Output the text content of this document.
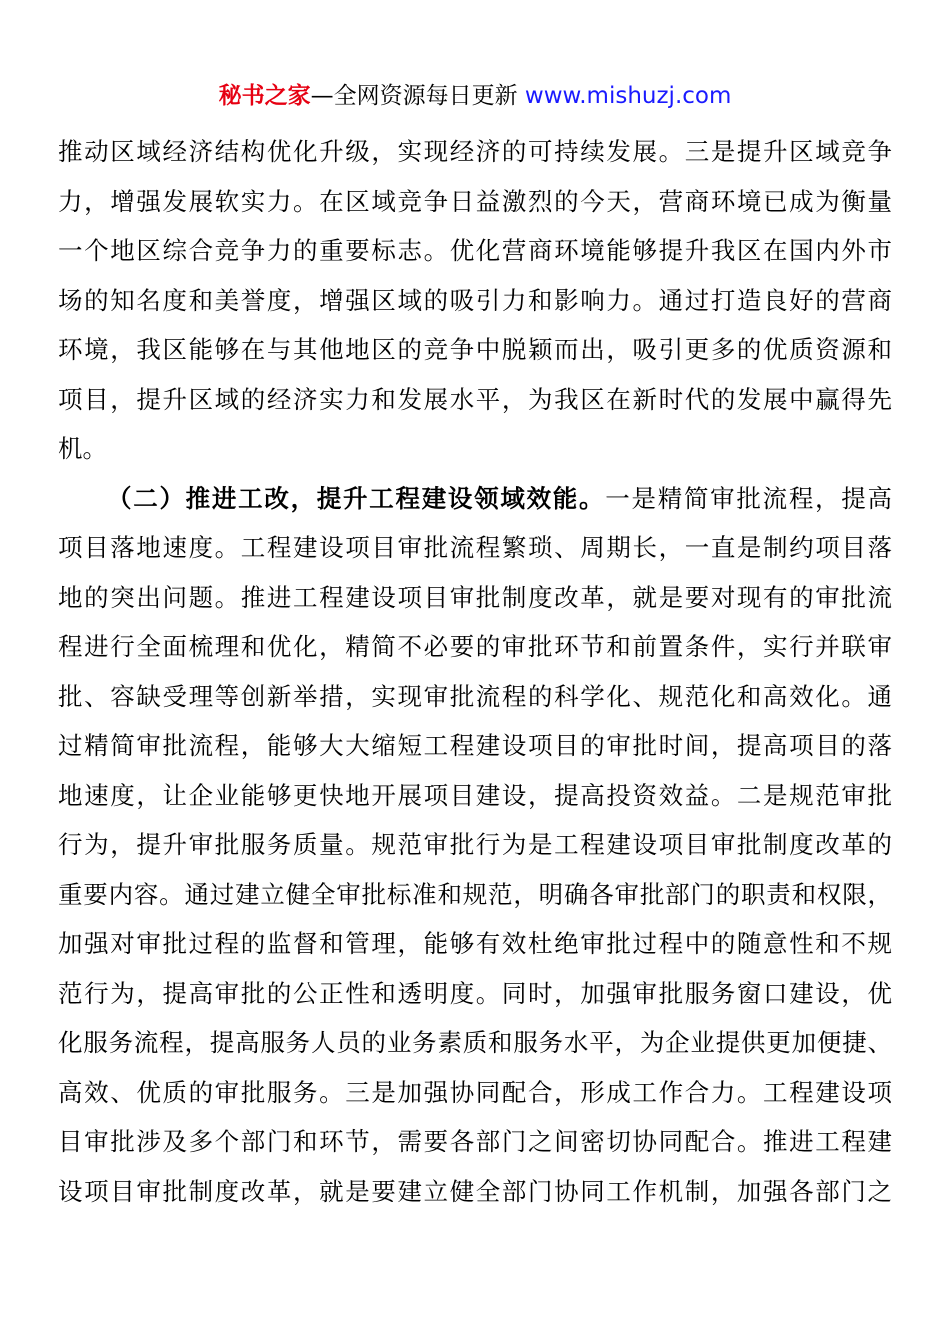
秘书之家—全网资源每日更新 www.mishuzj.com
推动区域经济结构优化升级，实现经济的可持续发展。三是提升区域竞争
力，增强发展软实力。在区域竞争日益激烈的今天，营商环境已成为衡量
一个地区综合竞争力的重要标志。优化营商环境能够提升我区在国内外市
场的知名度和美誉度，增强区域的吸引力和影响力。通过打造良好的营商
环境，我区能够在与其他地区的竞争中脱颖而出，吸引更多的优质资源和
项目，提升区域的经济实力和发展水平，为我区在新时代的发展中赢得先
机。
（二）推进工改，提升工程建设领域效能。一是精简审批流程，提高
项目落地速度。工程建设项目审批流程繁琐、周期长，一直是制约项目落
地的突出问题。推进工程建设项目审批制度改革，就是要对现有的审批流
程进行全面梳理和优化，精简不必要的审批环节和前置条件，实行并联审
批、容缺受理等创新举措，实现审批流程的科学化、规范化和高效化。通
过精简审批流程，能够大大缩短工程建设项目的审批时间，提高项目的落
地速度，让企业能够更快地开展项目建设，提高投资效益。二是规范审批
行为，提升审批服务质量。规范审批行为是工程建设项目审批制度改革的
重要内容。通过建立健全审批标准和规范，明确各审批部门的职责和权限，
加强对审批过程的监督和管理，能够有效杜绝审批过程中的随意性和不规
范行为，提高审批的公正性和透明度。同时，加强审批服务窗口建设，优
化服务流程，提高服务人员的业务素质和服务水平，为企业提供更加便捷、
高效、优质的审批服务。三是加强协同配合，形成工作合力。工程建设项
目审批涉及多个部门和环节，需要各部门之间密切协同配合。推进工程建
设项目审批制度改革，就是要建立健全部门协同工作机制，加强各部门之
